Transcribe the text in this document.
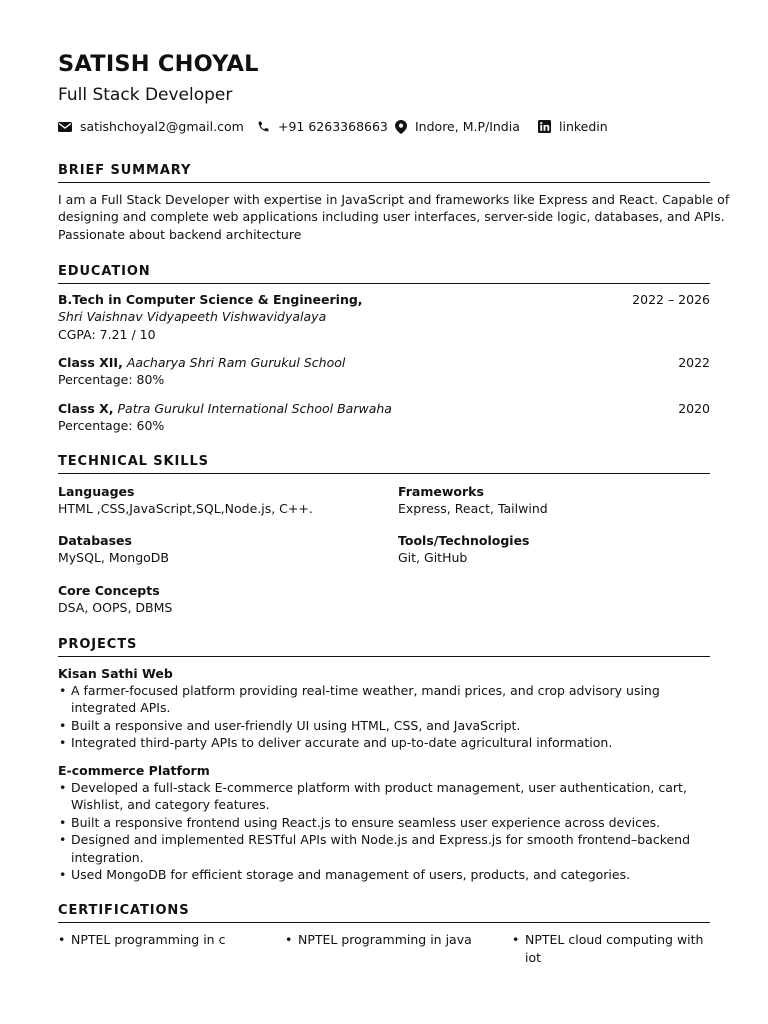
SATISH CHOYAL
Full Stack Developer
satishchoyal2@gmail.com	+91 6263368663 Indore, M.P/India	linkedin
BRIEF SUMMARY
I am a Full Stack Developer with expertise in JavaScript and frameworks like Express and React. Capable of
designing and complete web applications including user interfaces, server-side logic, databases, and APIs.
Passionate about backend architecture
EDUCATION
B.Tech in Computer Science & Engineering,
Shri Vaishnav Vidyapeeth Vishwavidyalaya
CGPA: 7.21 / 10
2022 – 2026
Class XII, Aacharya Shri Ram Gurukul School
Percentage: 80%
2022
Class X, Patra Gurukul International School Barwaha
Percentage: 60%
2020
TECHNICAL SKILLS
Languages
HTML ,CSS,JavaScript,SQL,Node.js, C++.
Frameworks
Express, React, Tailwind
Databases
MySQL, MongoDB
Tools/Technologies
Git, GitHub
Core Concepts
DSA, OOPS, DBMS
PROJECTS
Kisan Sathi Web
• A farmer-focused platform providing real-time weather, mandi prices, and crop advisory using integrated APIs.
• Built a responsive and user-friendly UI using HTML, CSS, and JavaScript.
• Integrated third-party APIs to deliver accurate and up-to-date agricultural information.
E-commerce Platform
• Developed a full-stack E-commerce platform with product management, user authentication, cart, Wishlist, and category features.
• Built a responsive frontend using React.js to ensure seamless user experience across devices.
• Designed and implemented RESTful APIs with Node.js and Express.js for smooth frontend–backend integration.
• Used MongoDB for efficient storage and management of users, products, and categories.
CERTIFICATIONS
• NPTEL programming in c	• NPTEL programming in java	• NPTEL cloud computing with iot
